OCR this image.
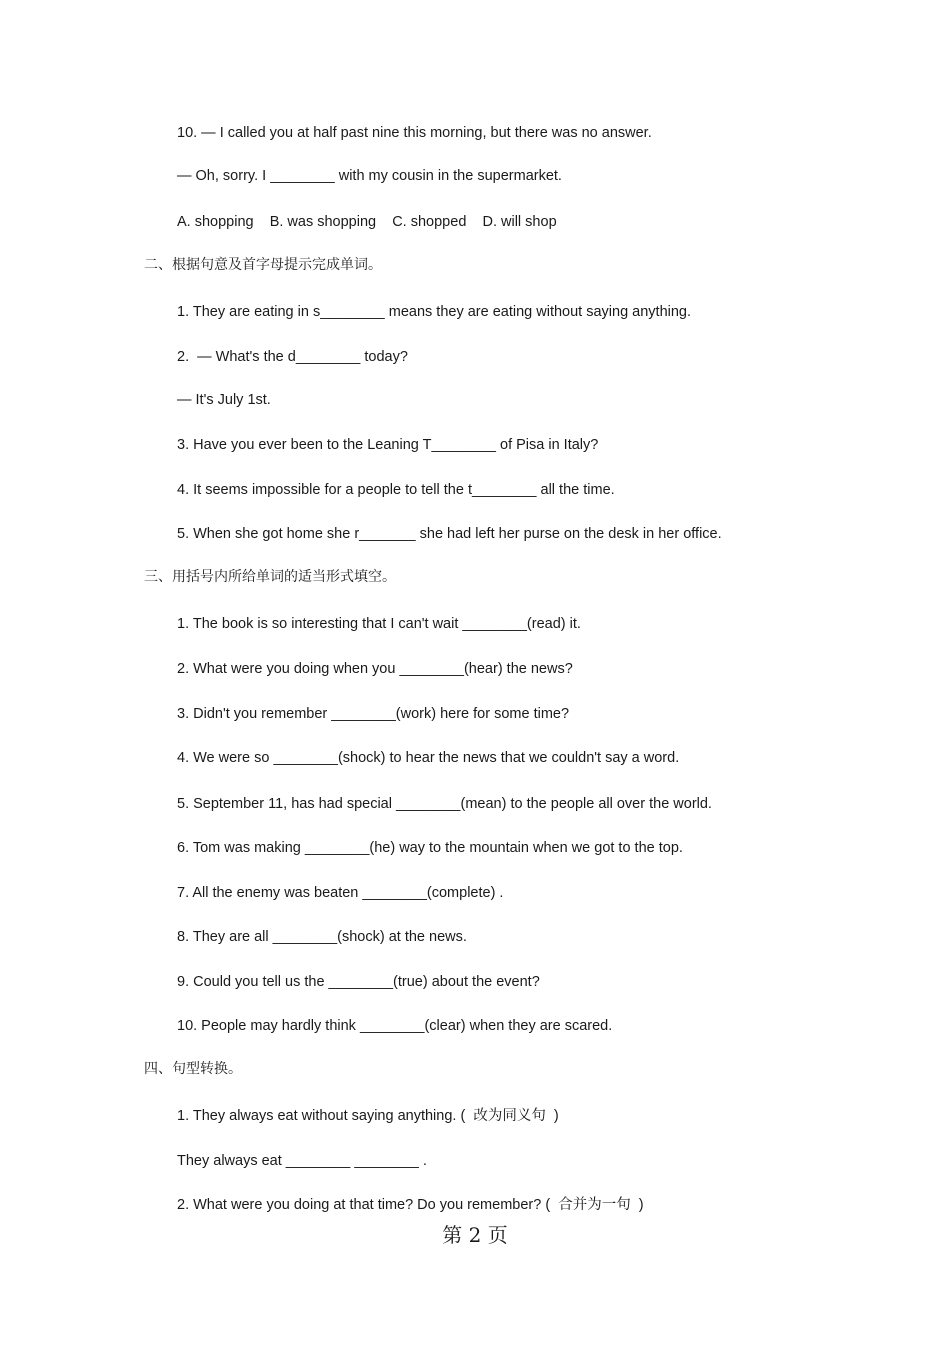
10. — I called you at half past nine this morning, but there was no answer.
— Oh, sorry. I ________ with my cousin in the supermarket.
A. shopping    B. was shopping    C. shopped    D. will shop
二、根据句意及首字母提示完成单词。
1. They are eating in s________ means they are eating without saying anything.
2.  — What's the d________ today?
— It's July 1st.
3. Have you ever been to the Leaning T________ of Pisa in Italy?
4. It seems impossible for a people to tell the t________ all the time.
5. When she got home she r_______ she had left her purse on the desk in her office.
三、用括号内所给单词的适当形式填空。
1. The book is so interesting that I can't wait ________(read) it.
2. What were you doing when you ________(hear) the news?
3. Didn't you remember ________(work) here for some time?
4. We were so ________(shock) to hear the news that we couldn't say a word.
5. September 11, has had special ________(mean) to the people all over the world.
6. Tom was making ________(he) way to the mountain when we got to the top.
7. All the enemy was beaten ________(complete) .
8. They are all ________(shock) at the news.
9. Could you tell us the ________(true) about the event?
10. People may hardly think ________(clear) when they are scared.
四、句型转换。
1. They always eat without saying anything. (  改为同义句  )
They always eat ________ ________ .
2. What were you doing at that time? Do you remember? (  合并为一句  )
第 2 页
